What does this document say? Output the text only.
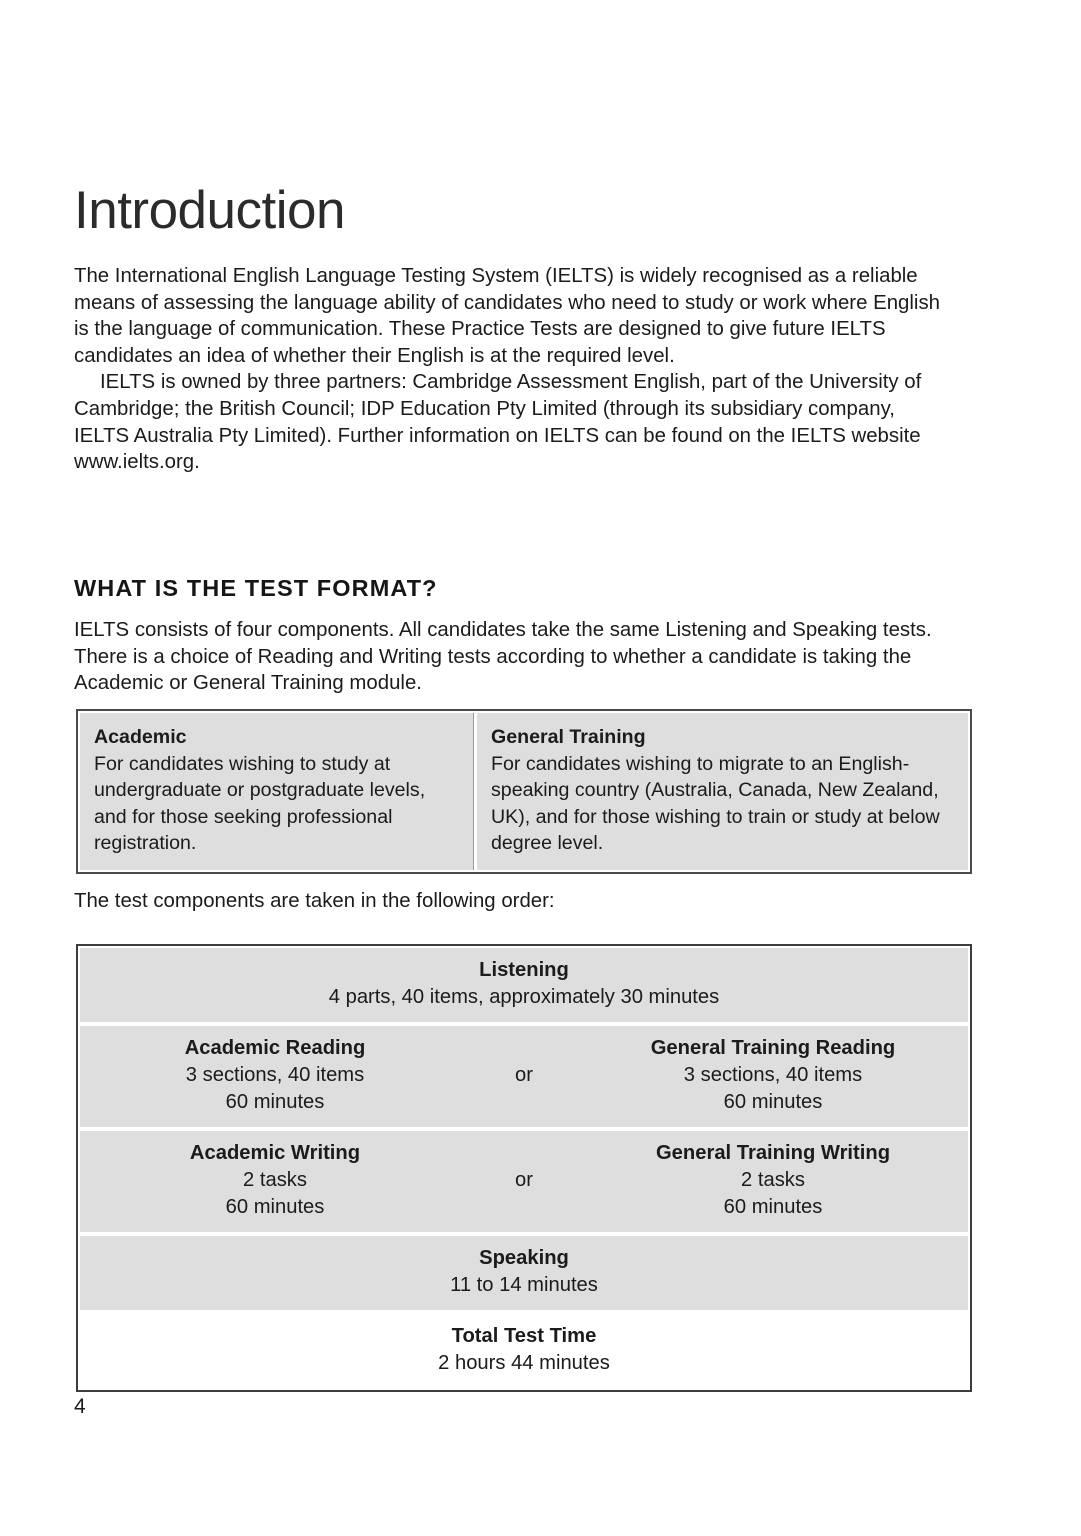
Introduction

The International English Language Testing System (IELTS) is widely recognised as a reliable means of assessing the language ability of candidates who need to study or work where English is the language of communication. These Practice Tests are designed to give future IELTS candidates an idea of whether their English is at the required level.

IELTS is owned by three partners: Cambridge Assessment English, part of the University of Cambridge; the British Council; IDP Education Pty Limited (through its subsidiary company, IELTS Australia Pty Limited). Further information on IELTS can be found on the IELTS website www.ielts.org.

WHAT IS THE TEST FORMAT?

IELTS consists of four components. All candidates take the same Listening and Speaking tests. There is a choice of Reading and Writing tests according to whether a candidate is taking the Academic or General Training module.

Academic
For candidates wishing to study at undergraduate or postgraduate levels, and for those seeking professional registration.
General Training
For candidates wishing to migrate to an English-speaking country (Australia, Canada, New Zealand, UK), and for those wishing to train or study at below degree level.
The test components are taken in the following order:
Listening
4 parts, 40 items, approximately 30 minutes
Academic Reading
3 sections, 40 items
60 minutes
or
General Training Reading
3 sections, 40 items
60 minutes
Academic Writing
2 tasks
60 minutes
or
General Training Writing
2 tasks
60 minutes
Speaking
11 to 14 minutes
Total Test Time
2 hours 44 minutes
4
